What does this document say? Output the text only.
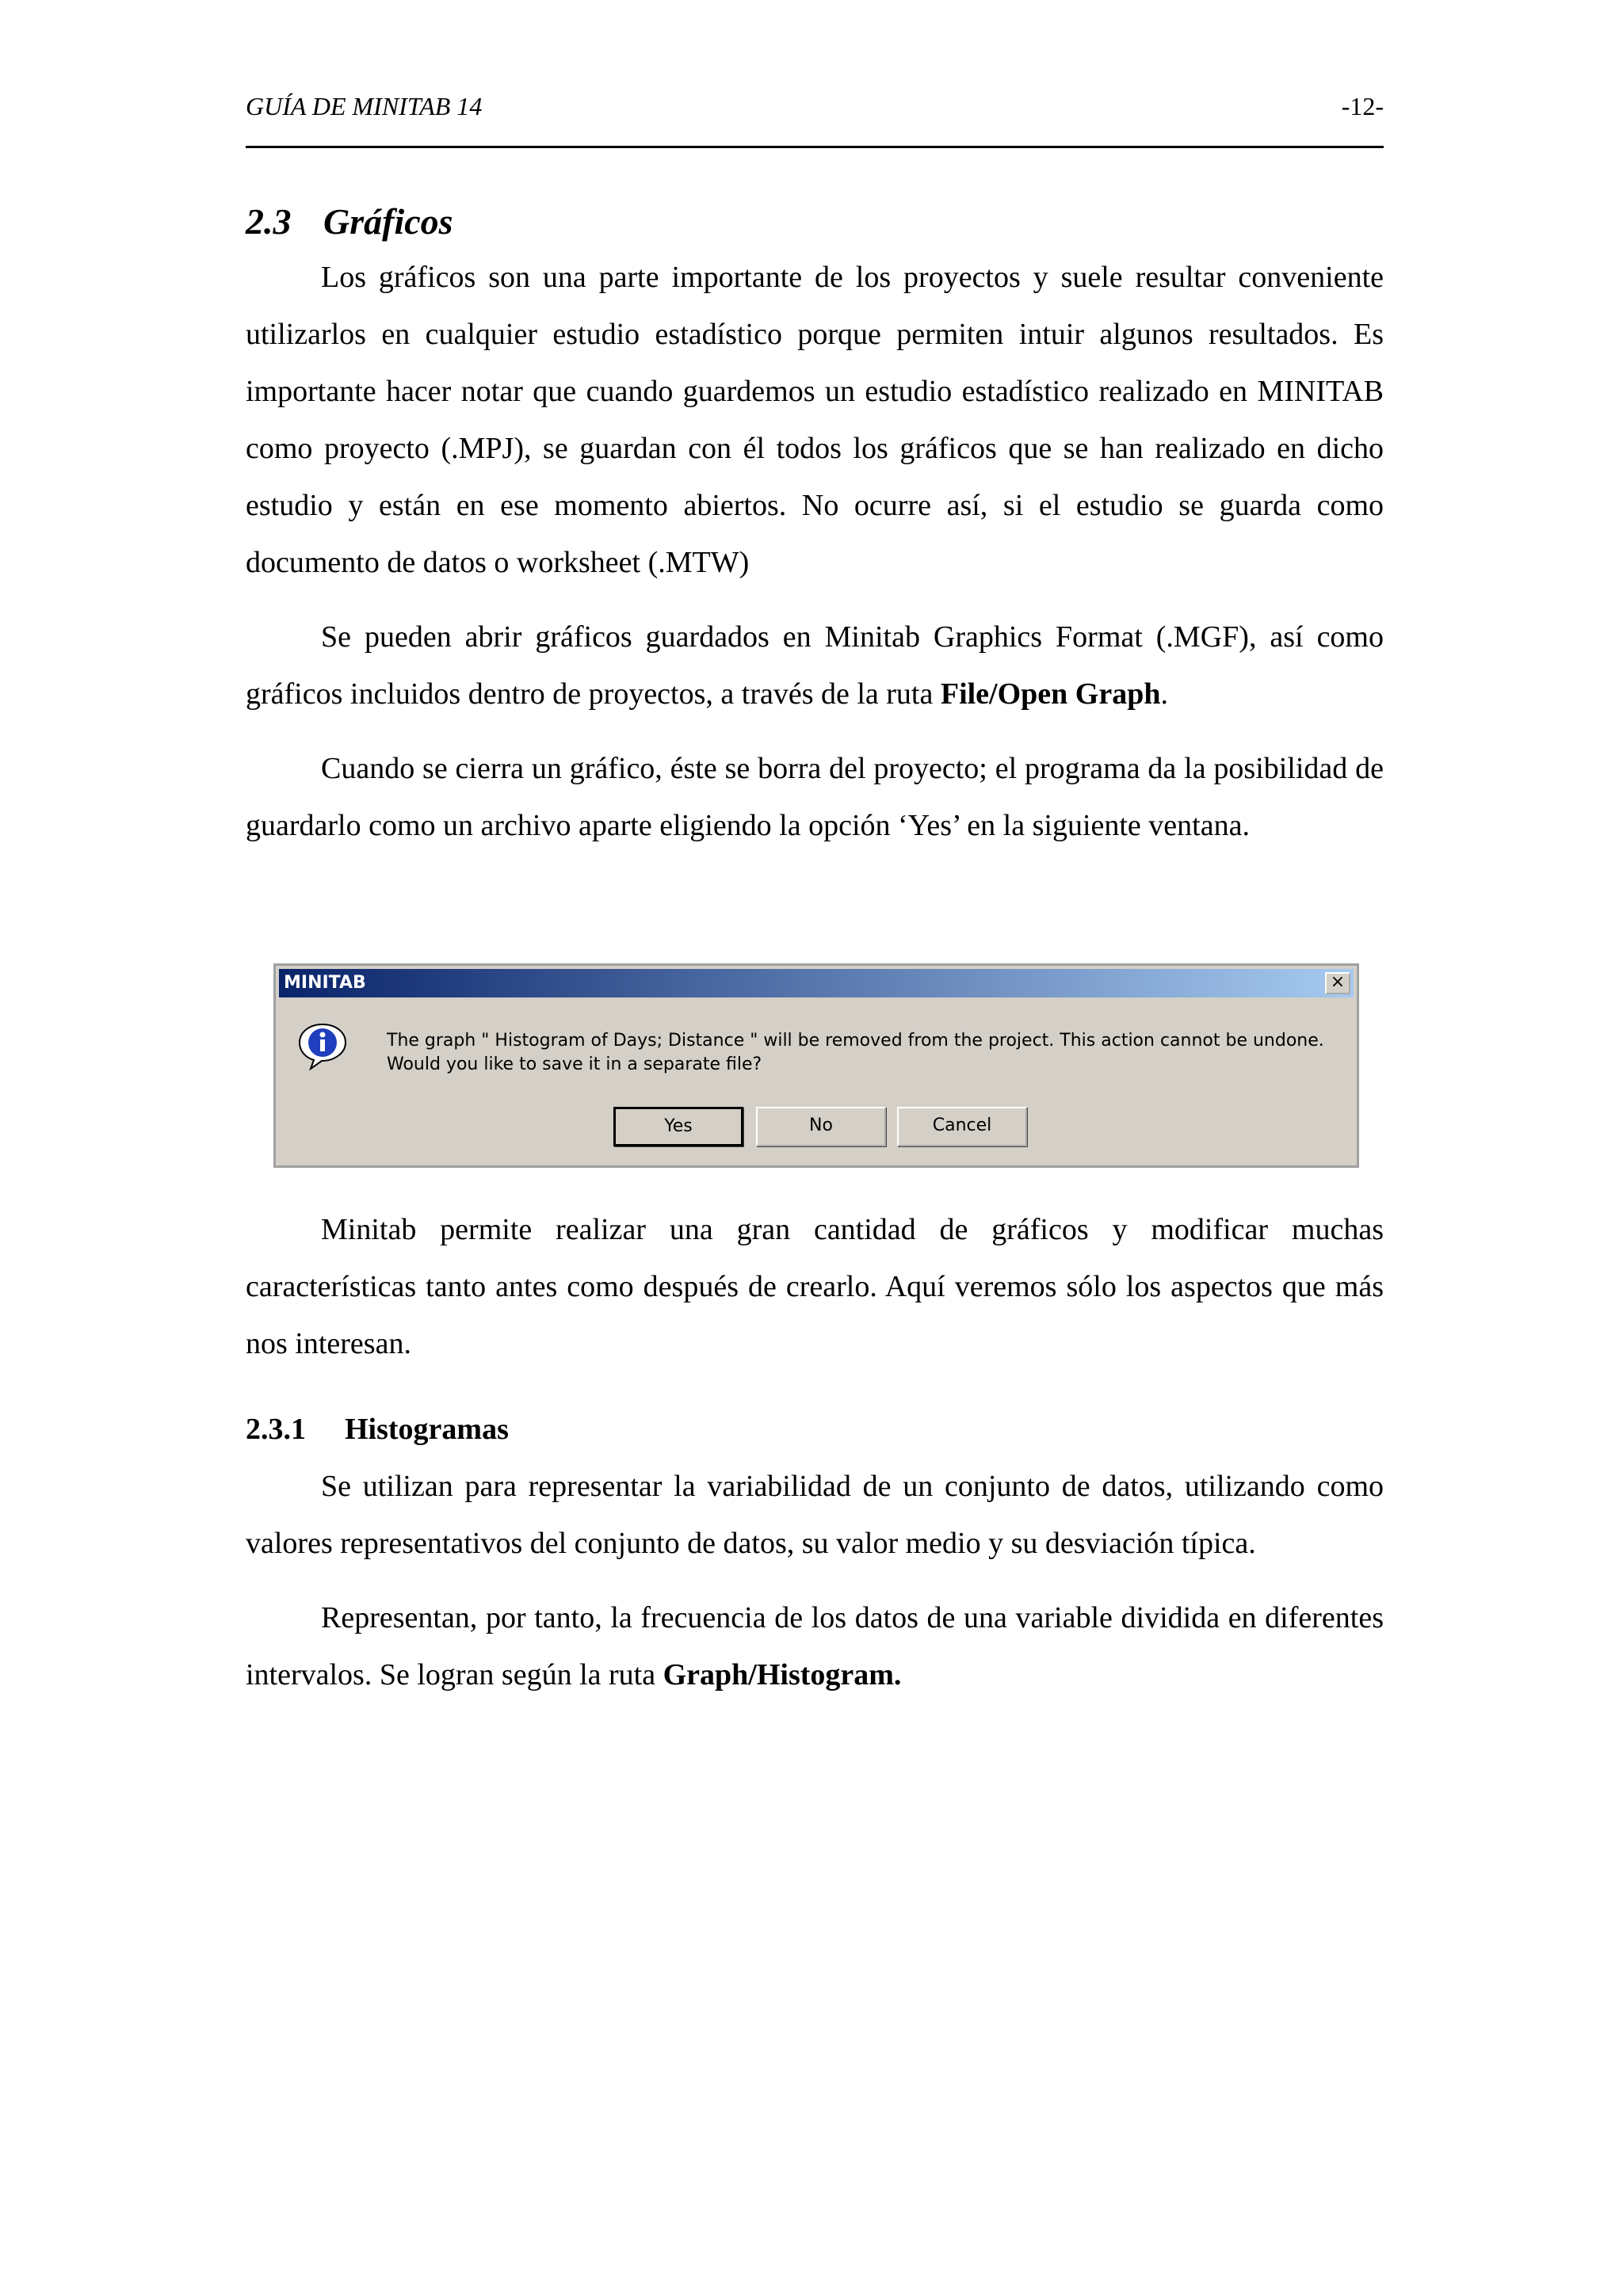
GUÍA DE MINITAB 14	-12-
2.3 Gráficos

Los gráficos son una parte importante de los proyectos y suele resultar conveniente utilizarlos en cualquier estudio estadístico porque permiten intuir algunos resultados. Es importante hacer notar que cuando guardemos un estudio estadístico realizado en MINITAB como proyecto (.MPJ), se guardan con él todos los gráficos que se han realizado en dicho estudio y están en ese momento abiertos. No ocurre así, si el estudio se guarda como documento de datos o worksheet (.MTW)

Se pueden abrir gráficos guardados en Minitab Graphics Format (.MGF), así como gráficos incluidos dentro de proyectos, a través de la ruta File/Open Graph.

Cuando se cierra un gráfico, éste se borra del proyecto; el programa da la posibilidad de guardarlo como un archivo aparte eligiendo la opción ‘Yes’ en la siguiente ventana.

Minitab permite realizar una gran cantidad de gráficos y modificar muchas características tanto antes como después de crearlo. Aquí veremos sólo los aspectos que más nos interesan.

2.3.1 Histogramas

Se utilizan para representar la variabilidad de un conjunto de datos, utilizando como valores representativos del conjunto de datos, su valor medio y su desviación típica.

Representan, por tanto, la frecuencia de los datos de una variable dividida en diferentes intervalos. Se logran según la ruta Graph/Histogram.

MINITAB	×
The graph " Histogram of Days; Distance " will be removed from the project. This action cannot be undone. Would you like to save it in a separate file?
Yes	No	Cancel
